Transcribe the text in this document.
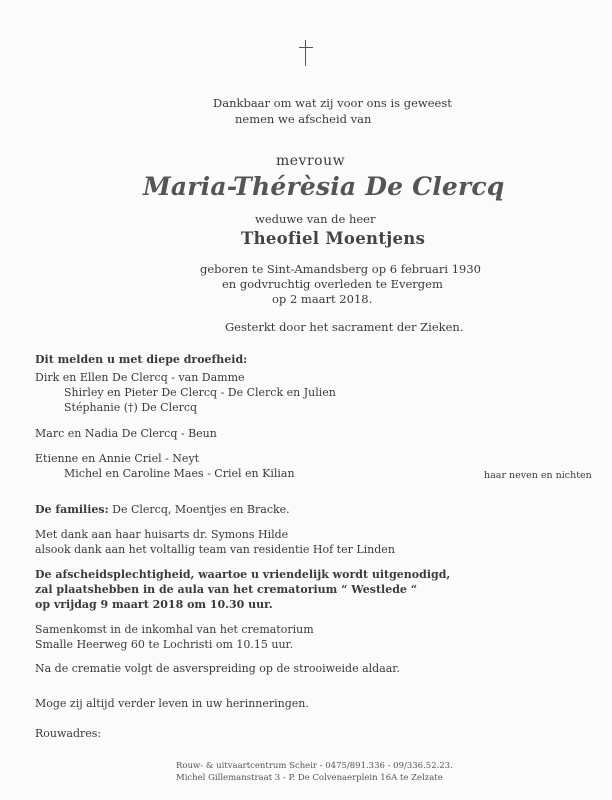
Dankbaar om wat zij voor ons is geweest
nemen we afscheid van
mevrouw
Maria-Thérèsia De Clercq
weduwe van de heer
Theofiel Moentjens
geboren te Sint-Amandsberg op 6 februari 1930
en godvruchtig overleden te Evergem
op 2 maart 2018.
Gesterkt door het sacrament der Zieken.
Dit melden u met diepe droefheid:
Dirk en Ellen De Clercq - van Damme
Shirley en Pieter De Clercq - De Clerck en Julien
Stéphanie (†) De Clercq
Marc en Nadia De Clercq - Beun
Etienne en Annie Criel - Neyt
Michel en Caroline Maes - Criel en Kilian	haar neven en nichten
De families: De Clercq, Moentjes en Bracke.
Met dank aan haar huisarts dr. Symons Hilde
alsook dank aan het voltallig team van residentie Hof ter Linden
De afscheidsplechtigheid, waartoe u vriendelijk wordt uitgenodigd,
zal plaatshebben in de aula van het crematorium “ Westlede “
op vrijdag 9 maart 2018 om 10.30 uur.
Samenkomst in de inkomhal van het crematorium
Smalle Heerweg 60 te Lochristi om 10.15 uur.
Na de crematie volgt de asverspreiding op de strooiweide aldaar.
Moge zij altijd verder leven in uw herinneringen.
Rouwadres:
Rouw- & uitvaartcentrum Scheir - 0475/891.336 - 09/336.52.23.
Michel Gillemanstraat 3 - P. De Colvenaerplein 16A te Zelzate
